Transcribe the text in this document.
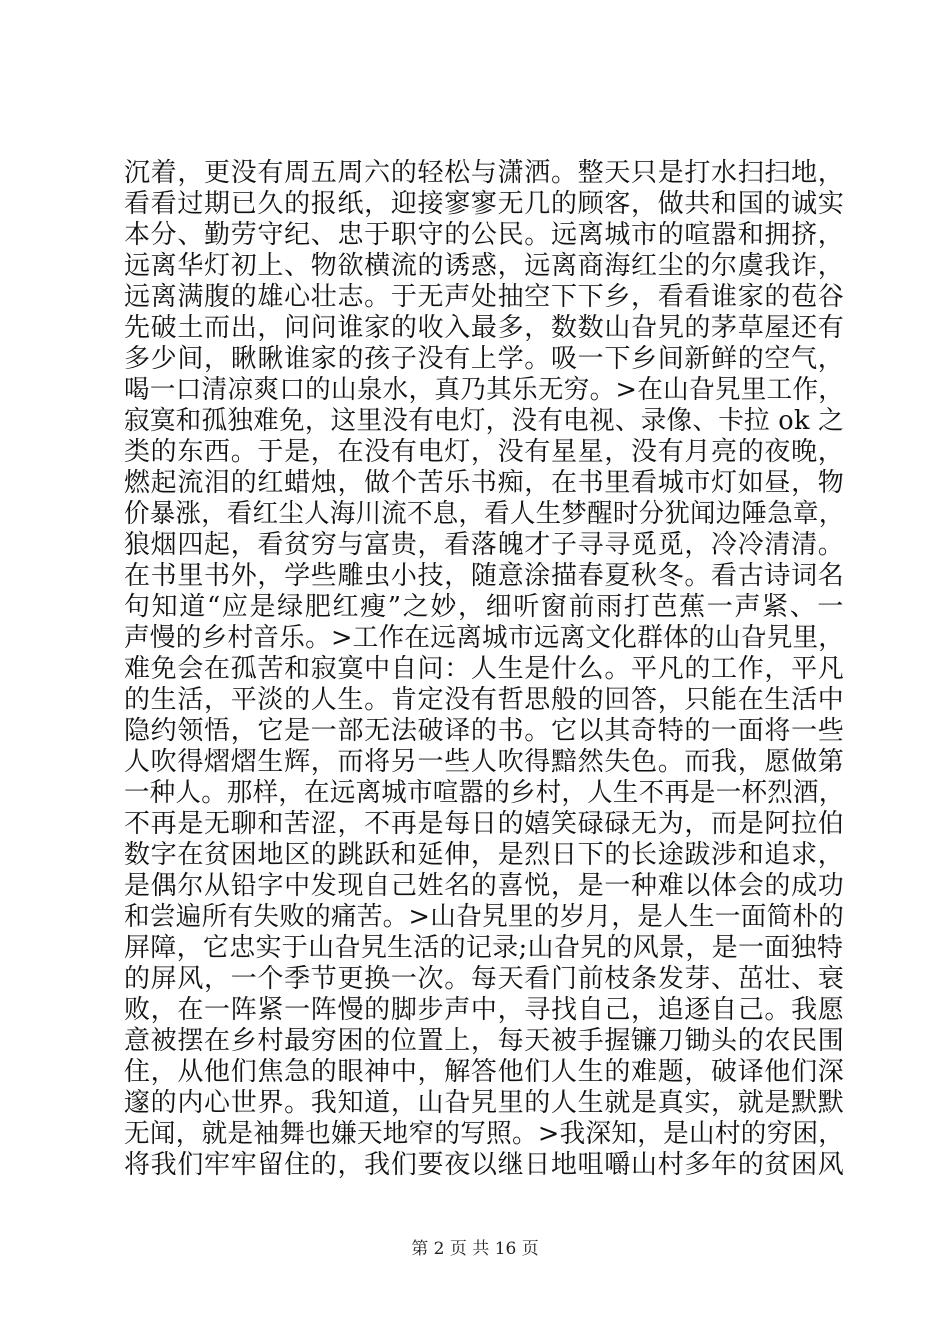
沉着，更没有周五周六的轻松与潇洒。整天只是打水扫扫地，
看看过期已久的报纸，迎接寥寥无几的顾客，做共和国的诚实
本分、勤劳守纪、忠于职守的公民。远离城市的喧嚣和拥挤，
远离华灯初上、物欲横流的诱惑，远离商海红尘的尔虞我诈，
远离满腹的雄心壮志。于无声处抽空下下乡，看看谁家的苞谷
先破土而出，问问谁家的收入最多，数数山旮旯的茅草屋还有
多少间，瞅瞅谁家的孩子没有上学。吸一下乡间新鲜的空气，
喝一口清凉爽口的山泉水，真乃其乐无穷。>在山旮旯里工作，
寂寞和孤独难免，这里没有电灯，没有电视、录像、卡拉 ok 之
类的东西。于是，在没有电灯，没有星星，没有月亮的夜晚，
燃起流泪的红蜡烛，做个苦乐书痴，在书里看城市灯如昼，物
价暴涨，看红尘人海川流不息，看人生梦醒时分犹闻边陲急章，
狼烟四起，看贫穷与富贵，看落魄才子寻寻觅觅，冷冷清清。
在书里书外，学些雕虫小技，随意涂描春夏秋冬。看古诗词名
句知道“应是绿肥红瘦”之妙，细听窗前雨打芭蕉一声紧、一
声慢的乡村音乐。>工作在远离城市远离文化群体的山旮旯里，
难免会在孤苦和寂寞中自问：人生是什么。平凡的工作，平凡
的生活，平淡的人生。肯定没有哲思般的回答，只能在生活中
隐约领悟，它是一部无法破译的书。它以其奇特的一面将一些
人吹得熠熠生辉，而将另一些人吹得黯然失色。而我，愿做第
一种人。那样，在远离城市喧嚣的乡村，人生不再是一杯烈酒，
不再是无聊和苦涩，不再是每日的嬉笑碌碌无为，而是阿拉伯
数字在贫困地区的跳跃和延伸，是烈日下的长途跋涉和追求，
是偶尔从铅字中发现自己姓名的喜悦，是一种难以体会的成功
和尝遍所有失败的痛苦。>山旮旯里的岁月，是人生一面简朴的
屏障，它忠实于山旮旯生活的记录;山旮旯的风景，是一面独特
的屏风，一个季节更换一次。每天看门前枝条发芽、茁壮、衰
败，在一阵紧一阵慢的脚步声中，寻找自己，追逐自己。我愿
意被摆在乡村最穷困的位置上，每天被手握镰刀锄头的农民围
住，从他们焦急的眼神中，解答他们人生的难题，破译他们深
邃的内心世界。我知道，山旮旯里的人生就是真实，就是默默
无闻，就是袖舞也嫌天地窄的写照。>我深知，是山村的穷困，
将我们牢牢留住的，我们要夜以继日地咀嚼山村多年的贫困风
第 2 页 共 16 页
